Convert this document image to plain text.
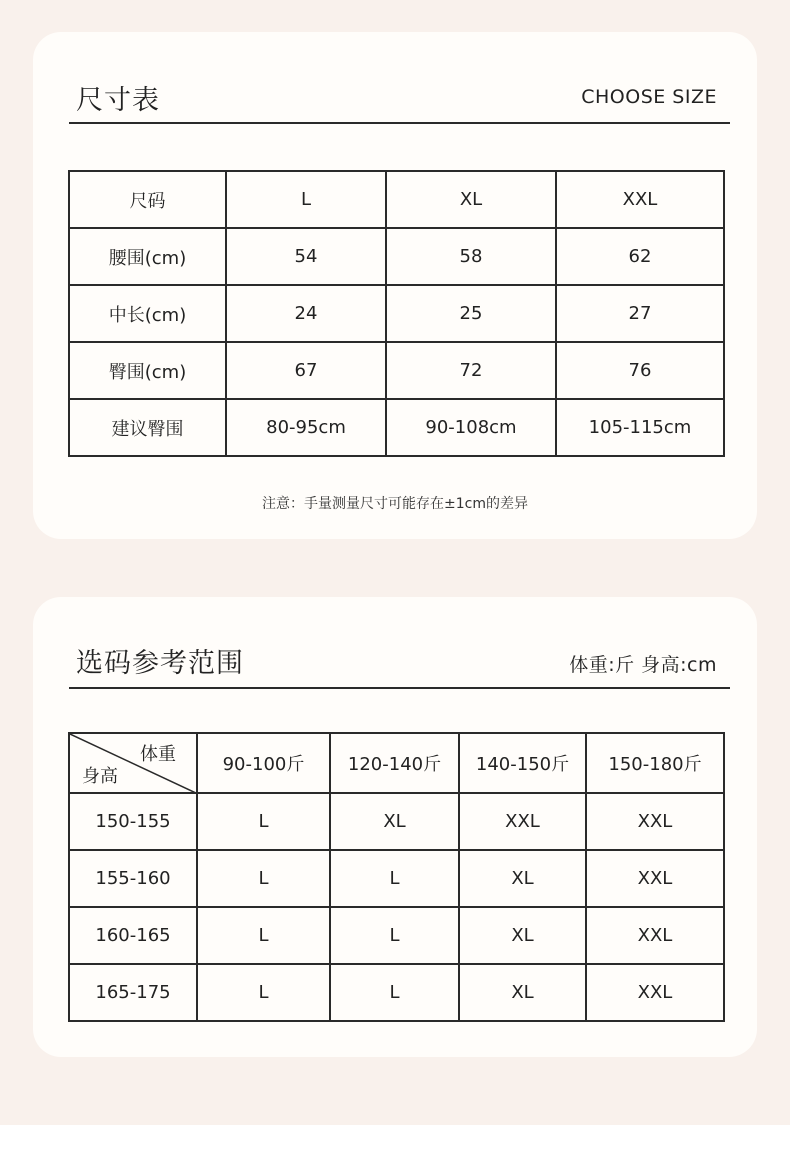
尺寸表	CHOOSE SIZE
尺码	L	XL	XXL
腰围(cm)	54	58	62
中长(cm)	24	25	27
臀围(cm)	67	72	76
建议臀围	80-95cm	90-108cm	105-115cm
注意：手量测量尺寸可能存在±1cm的差异
选码参考范围	体重:斤 身高:cm
体重
身高	90-100斤	120-140斤	140-150斤	150-180斤
150-155	L	XL	XXL	XXL
155-160	L	L	XL	XXL
160-165	L	L	XL	XXL
165-175	L	L	XL	XXL
